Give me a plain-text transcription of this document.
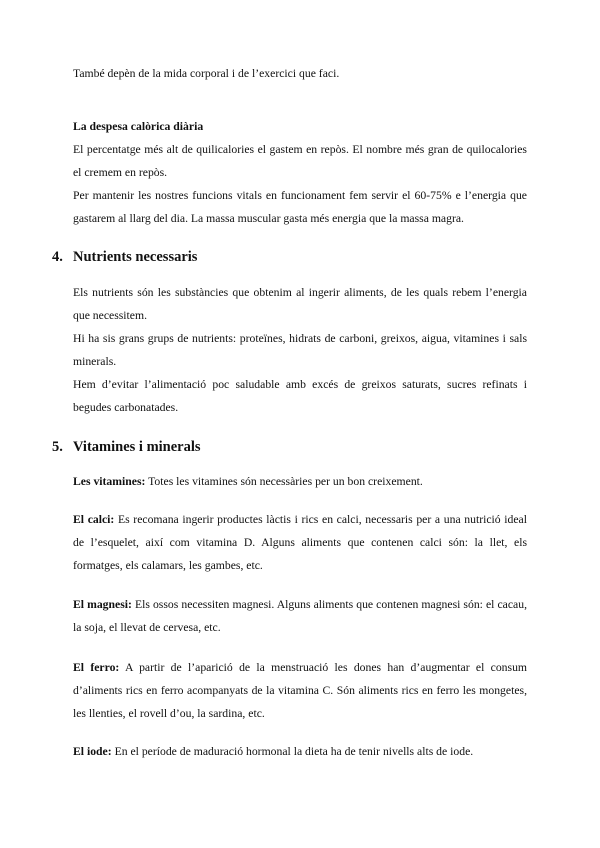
També depèn de la mida corporal i de l’exercici que faci.

La despesa calòrica diària

El percentatge més alt de quilicalories el gastem en repòs. El nombre més gran de quilocalories el cremem en repòs.

Per mantenir les nostres funcions vitals en funcionament fem servir el 60-75% e l’energia que gastarem al llarg del dia. La massa muscular gasta més energia que la massa magra.

4. Nutrients necessaris

Els nutrients són les substàncies que obtenim al ingerir aliments, de les quals rebem l’energia que necessitem.

Hi ha sis grans grups de nutrients: proteïnes, hidrats de carboni, greixos, aigua, vitamines i sals minerals.

Hem d’evitar l’alimentació poc saludable amb excés de greixos saturats, sucres refinats i begudes carbonatades.

5. Vitamines i minerals

Les vitamines: Totes les vitamines són necessàries per un bon creixement.

El calci: Es recomana ingerir productes làctis i rics en calci, necessaris per a una nutrició ideal de l’esquelet, així com vitamina D. Alguns aliments que contenen calci són: la llet, els formatges, els calamars, les gambes, etc.

El magnesi: Els ossos necessiten magnesi. Alguns aliments que contenen magnesi són: el cacau, la soja, el llevat de cervesa, etc.

El ferro: A partir de l’aparició de la menstruació les dones han d’augmentar el consum d’aliments rics en ferro acompanyats de la vitamina C. Són aliments rics en ferro les mongetes, les llenties, el rovell d’ou, la sardina, etc.

El iode: En el període de maduració hormonal la dieta ha de tenir nivells alts de iode.
